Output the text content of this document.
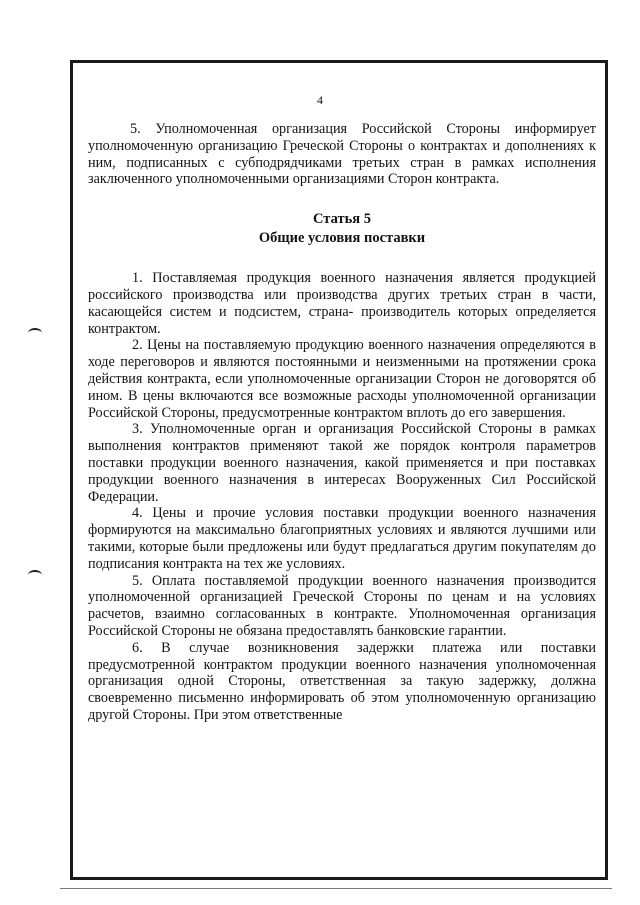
4

5. Уполномоченная организация Российской Стороны информирует уполномоченную организацию Греческой Стороны о контрактах и дополнениях к ним, подписанных с субподрядчиками третьих стран в рамках исполнения заключенного уполномоченными организациями Сторон контракта.

Статья 5
Общие условия поставки

1. Поставляемая продукция военного назначения является продукцией российского производства или производства других третьих стран в части, касающейся систем и подсистем, страна- производитель которых определяется контрактом.

2. Цены на поставляемую продукцию военного назначения определяются в ходе переговоров и являются постоянными и неизменными на протяжении срока действия контракта, если уполномоченные организации Сторон не договорятся об ином. В цены включаются все возможные расходы уполномоченной организации Российской Стороны, предусмотренные контрактом вплоть до его завершения.

3. Уполномоченные орган и организация Российской Стороны в рамках выполнения контрактов применяют такой же порядок контроля параметров поставки продукции военного назначения, какой применяется и при поставках продукции военного назначения в интересах Вооруженных Сил Российской Федерации.

4. Цены и прочие условия поставки продукции военного назначения формируются на максимально благоприятных условиях и являются лучшими или такими, которые были предложены или будут предлагаться другим покупателям до подписания контракта на тех же условиях.

5. Оплата поставляемой продукции военного назначения производится уполномоченной организацией Греческой Стороны по ценам и на условиях расчетов, взаимно согласованных в контракте. Уполномоченная организация Российской Стороны не обязана предоставлять банковские гарантии.

6. В случае возникновения задержки платежа или поставки предусмотренной контрактом продукции военного назначения уполномоченная организация одной Стороны, ответственная за такую задержку, должна своевременно письменно информировать об этом уполномоченную организацию другой Стороны. При этом ответственные
